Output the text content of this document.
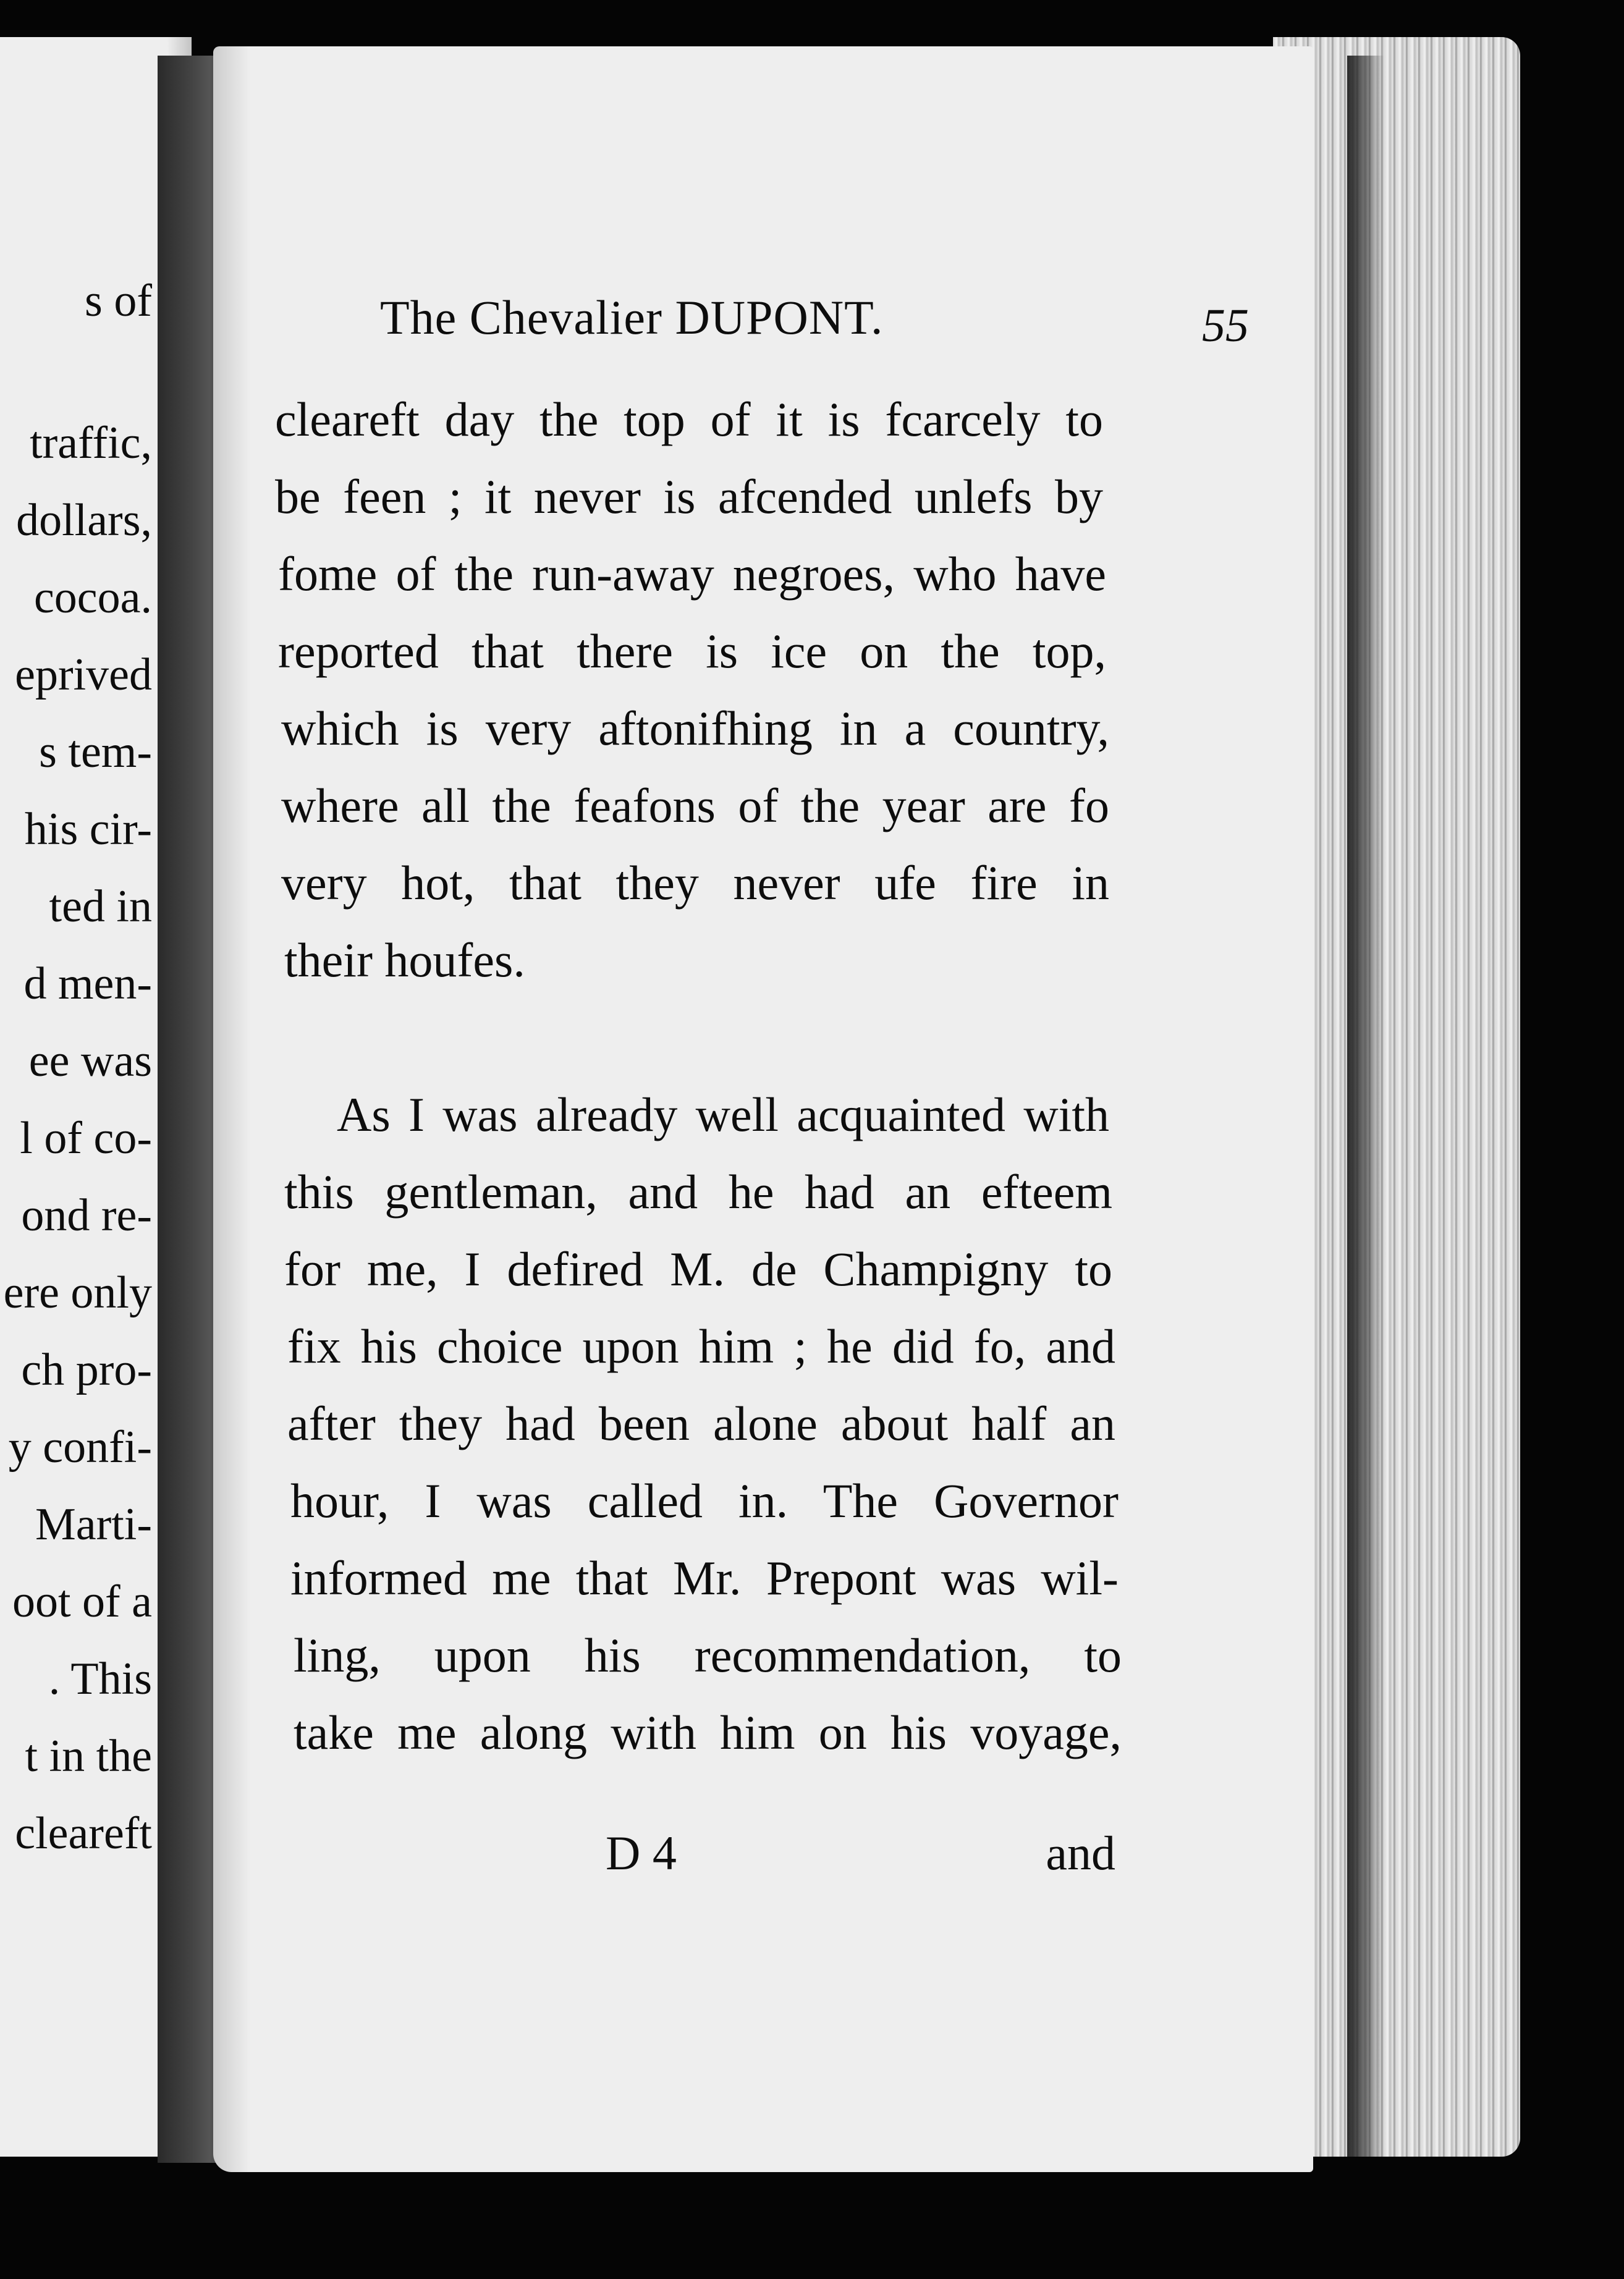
s of
traffic,
dollars,
cocoa.
eprived
s tem-
his cir-
ted in
d men-
ee was
l of co-
ond re-
ere only
ch pro-
y confi-
Marti-
oot of a
. This
t in the
cleareft
The Chevalier DUPONT.	55
cleareft day the top of it is fcarcely to
be feen ; it never is afcended unlefs by
fome of the run-away negroes, who have
reported that there is ice on the top,
which is very aftonifhing in a country,
where all the feafons of the year are fo
very hot, that they never ufe fire in
their houfes.
As I was already well acquainted with
this gentleman, and he had an efteem
for me, I defired M. de Champigny to
fix his choice upon him ; he did fo, and
after they had been alone about half an
hour, I was called in. The Governor
informed me that Mr. Prepont was wil-
ling, upon his recommendation, to
take me along with him on his voyage,
D 4	and
